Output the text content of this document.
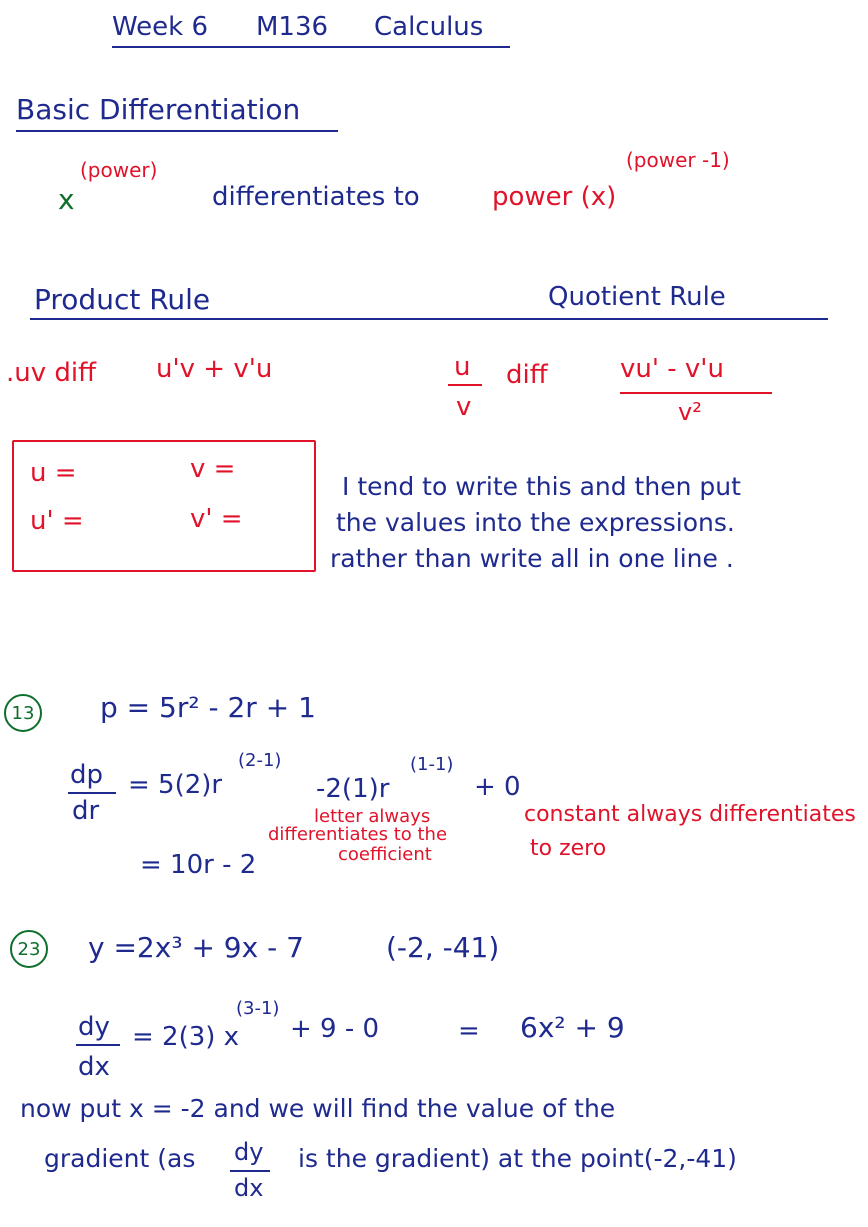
Week 6 M136 Calculus
Basic Differentiation
x
(power)
differentiates to	power (x)
(power -1)
Product Rule	Quotient Rule
.uv diff u'v + v'u	u
v
diff	vu' - v'u
v²
u =	v =
u' =	v' =
I tend to write this and then put
the values into the expressions.
rather than write all in one line .
13 p = 5r² - 2r + 1
dp
dr
= 5(2)r
(2-1)
-2(1)r
(1-1)
+ 0
letter always
differentiates to the
coefficient
constant always differentiates
to zero
= 10r - 2
23 y =2x³ + 9x - 7	(-2, -41)
dy
dx
= 2(3) x
(3-1)
+ 9 - 0	= 6x² + 9
now put x = -2 and we will find the value of the
gradient (as dy
dx
is the gradient) at the point(-2,-41)
